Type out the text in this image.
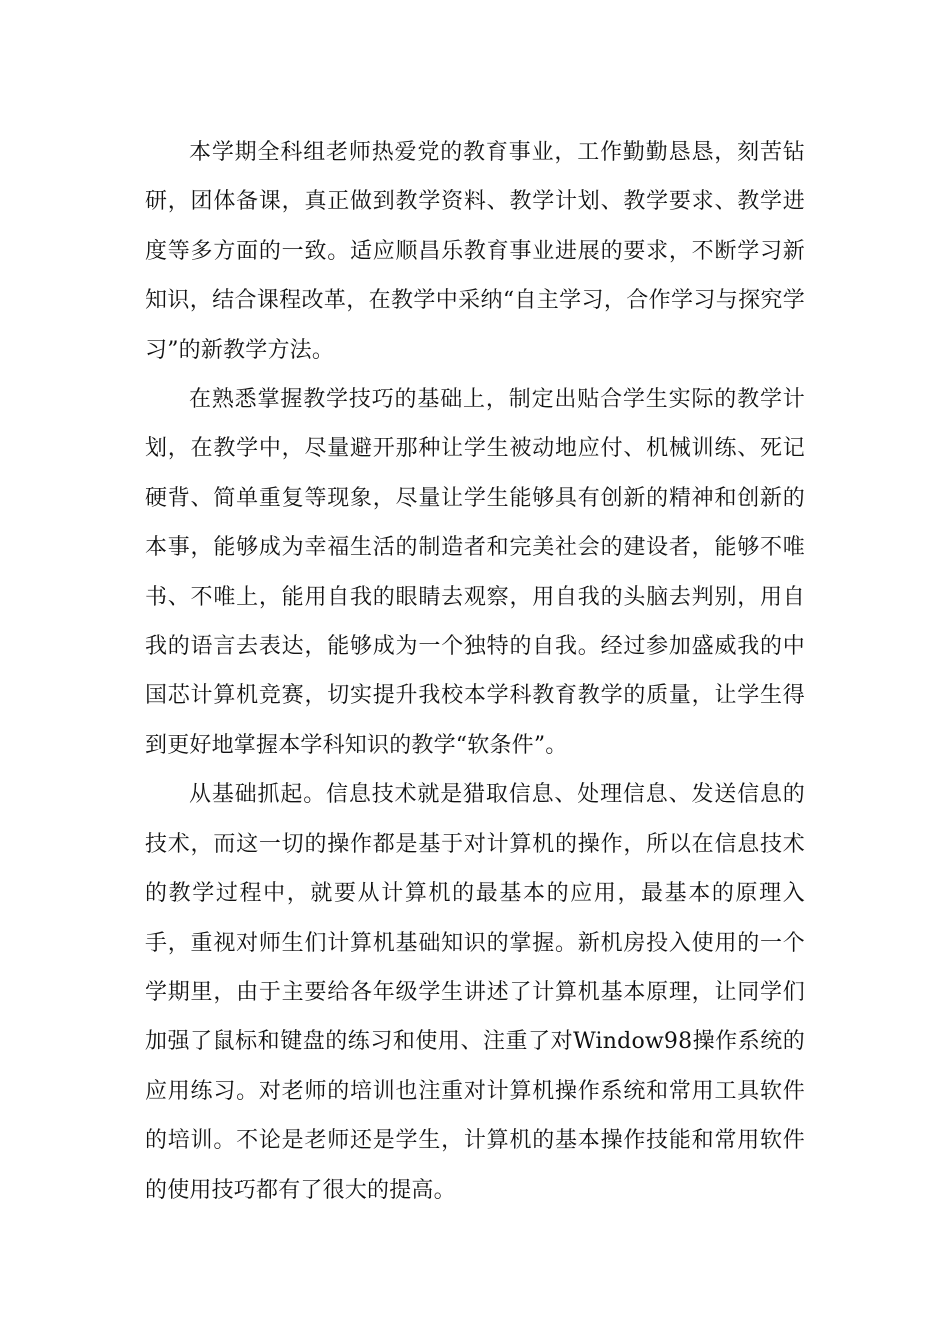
本学期全科组老师热爱党的教育事业，工作勤勤恳恳，刻苦钻研，团体备课，真正做到教学资料、教学计划、教学要求、教学进度等多方面的一致。适应顺昌乐教育事业进展的要求，不断学习新知识，结合课程改革，在教学中采纳“自主学习，合作学习与探究学习”的新教学方法。

在熟悉掌握教学技巧的基础上，制定出贴合学生实际的教学计划，在教学中，尽量避开那种让学生被动地应付、机械训练、死记硬背、简单重复等现象，尽量让学生能够具有创新的精神和创新的本事，能够成为幸福生活的制造者和完美社会的建设者，能够不唯书、不唯上，能用自我的眼睛去观察，用自我的头脑去判别，用自我的语言去表达，能够成为一个独特的自我。经过参加盛威我的中国芯计算机竞赛，切实提升我校本学科教育教学的质量，让学生得到更好地掌握本学科知识的教学“软条件”。

从基础抓起。信息技术就是猎取信息、处理信息、发送信息的技术，而这一切的操作都是基于对计算机的操作，所以在信息技术的教学过程中，就要从计算机的最基本的应用，最基本的原理入手，重视对师生们计算机基础知识的掌握。新机房投入使用的一个学期里，由于主要给各年级学生讲述了计算机基本原理，让同学们加强了鼠标和键盘的练习和使用、注重了对Window98操作系统的应用练习。对老师的培训也注重对计算机操作系统和常用工具软件的培训。不论是老师还是学生，计算机的基本操作技能和常用软件的使用技巧都有了很大的提高。
